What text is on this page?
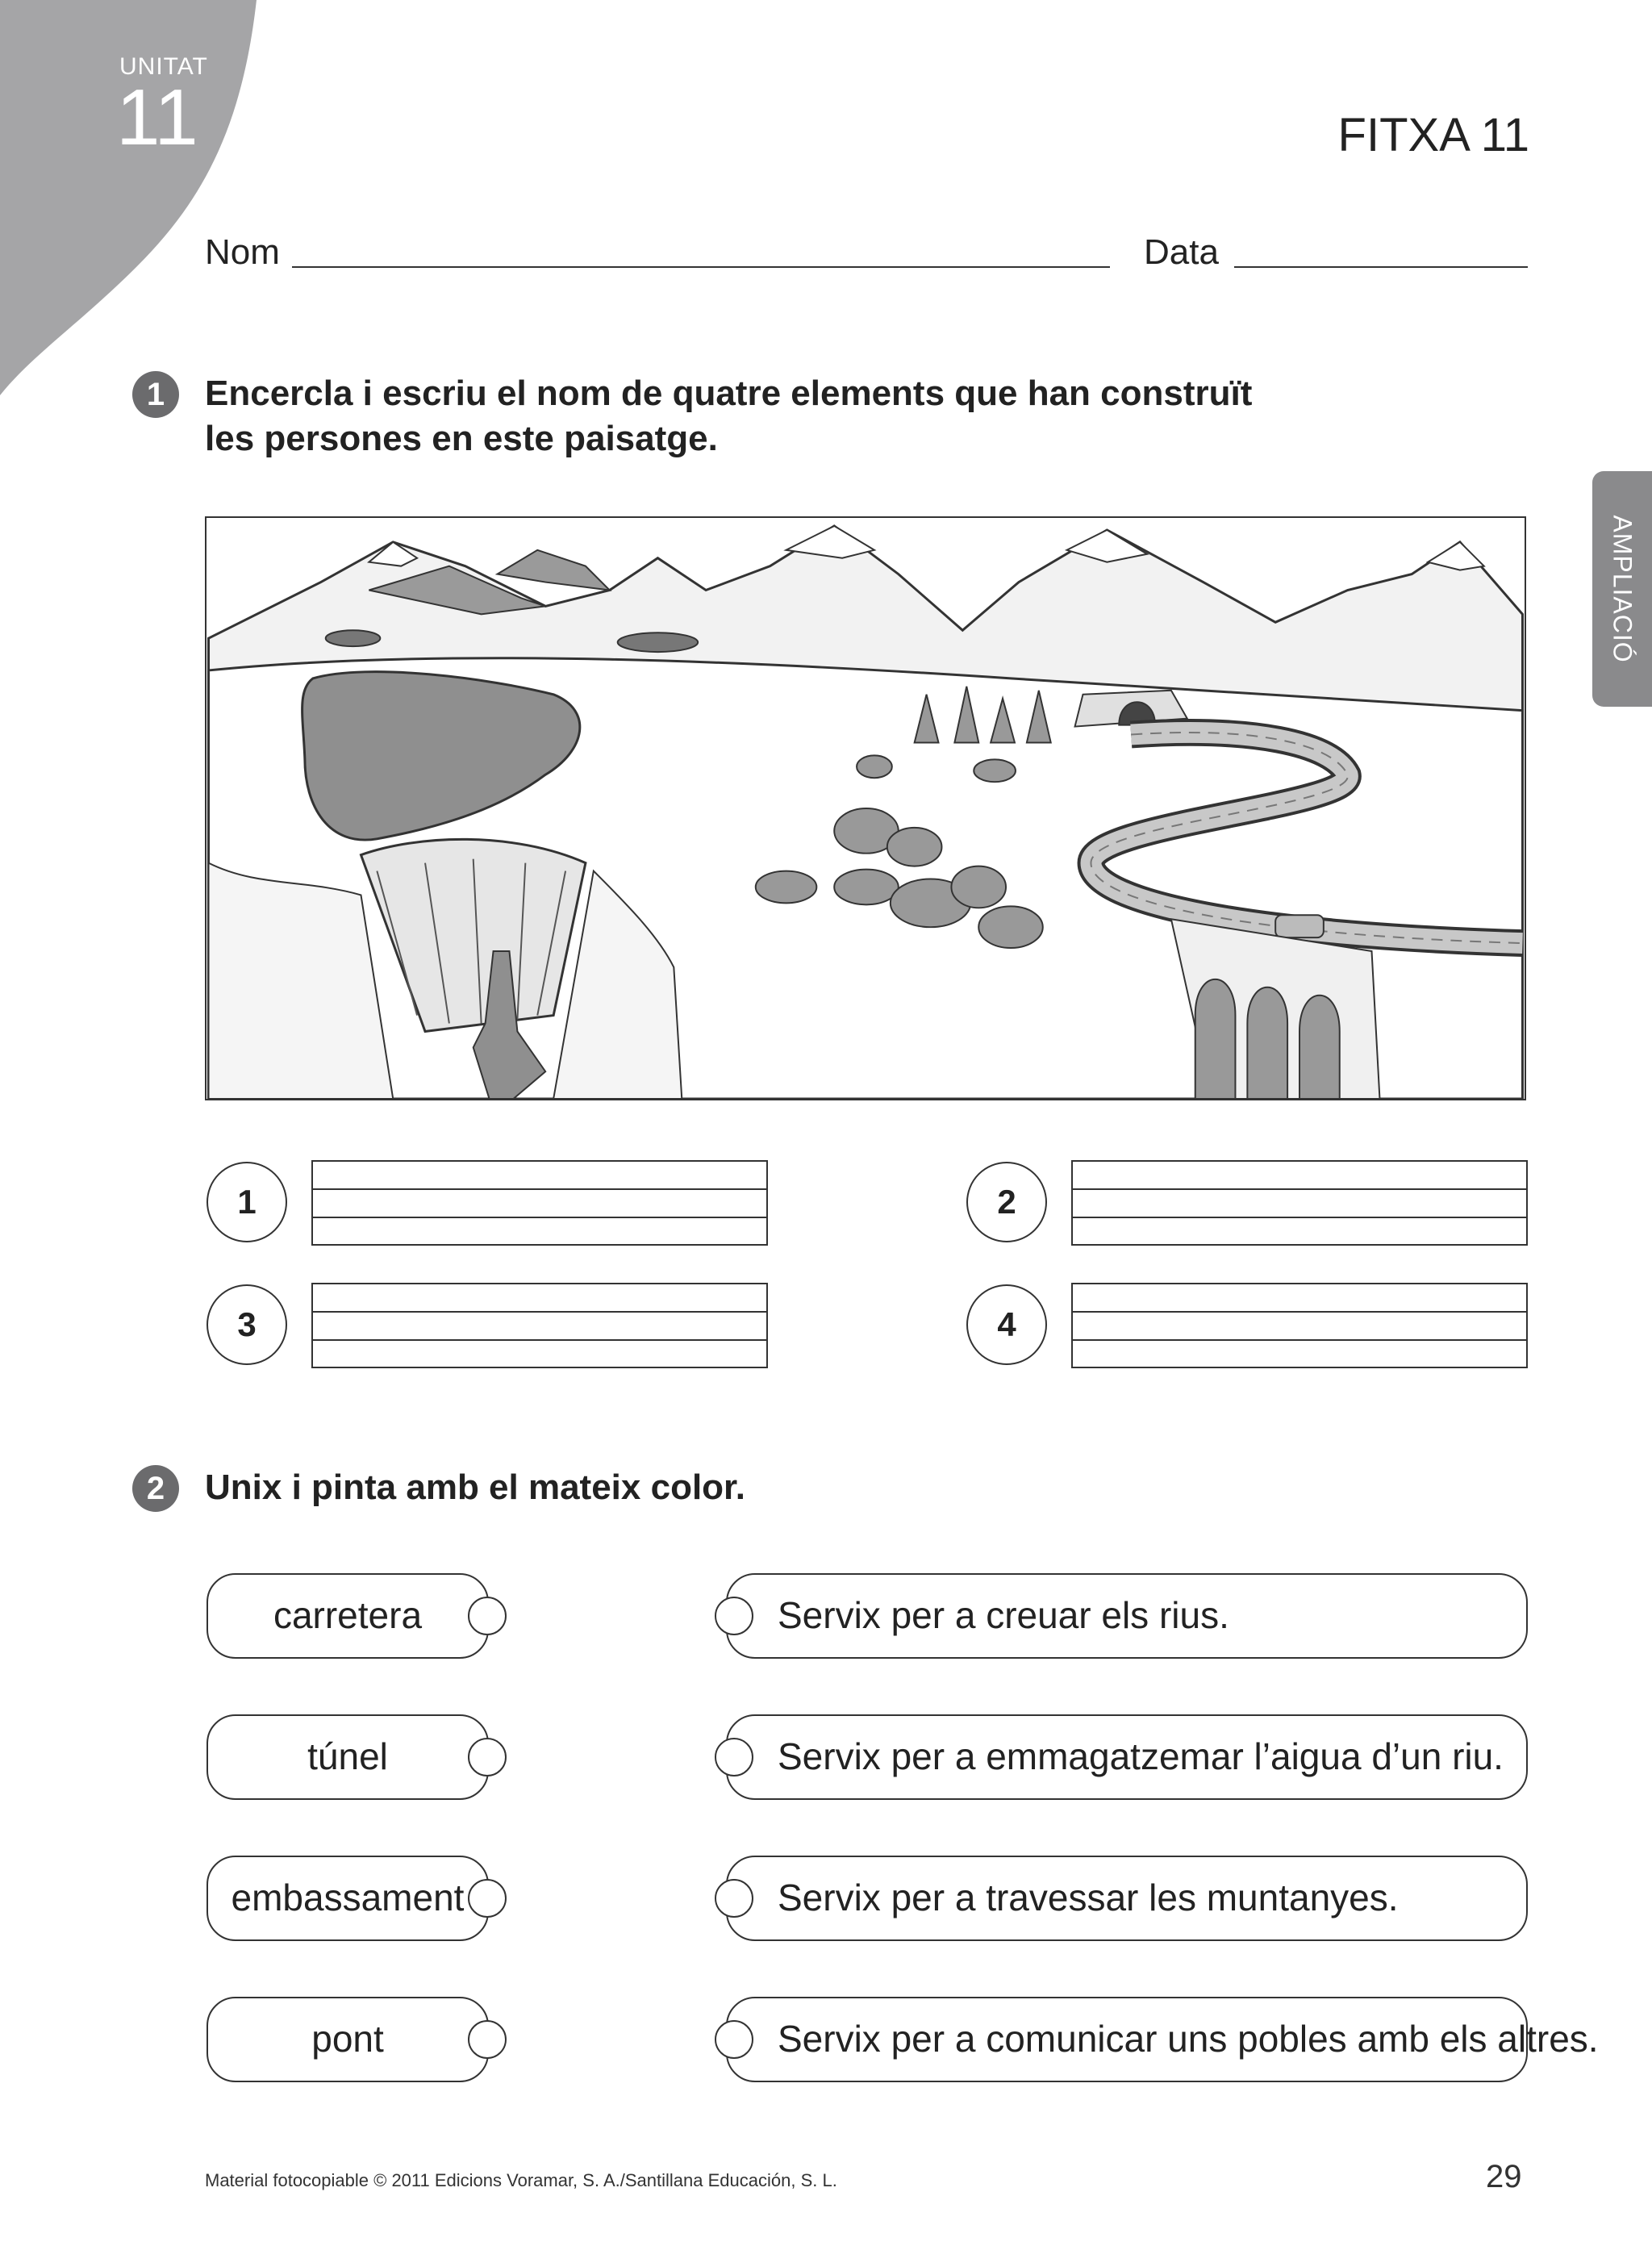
UNITAT
11	FITXA 11
AMPLIACIÓ
Nom	Data
1	Encercla i escriu el nom de quatre elements que han construït
les persones en este paisatge.
1	2
3	4
2	Unix i pinta amb el mateix color.
carretera
túnel
embassament
pont
Servix per a creuar els rius.
Servix per a emmagatzemar l’aigua d’un riu.
Servix per a travessar les muntanyes.
Servix per a comunicar uns pobles amb els altres.
Material fotocopiable © 2011 Edicions Voramar, S. A./Santillana Educación, S. L.	29
